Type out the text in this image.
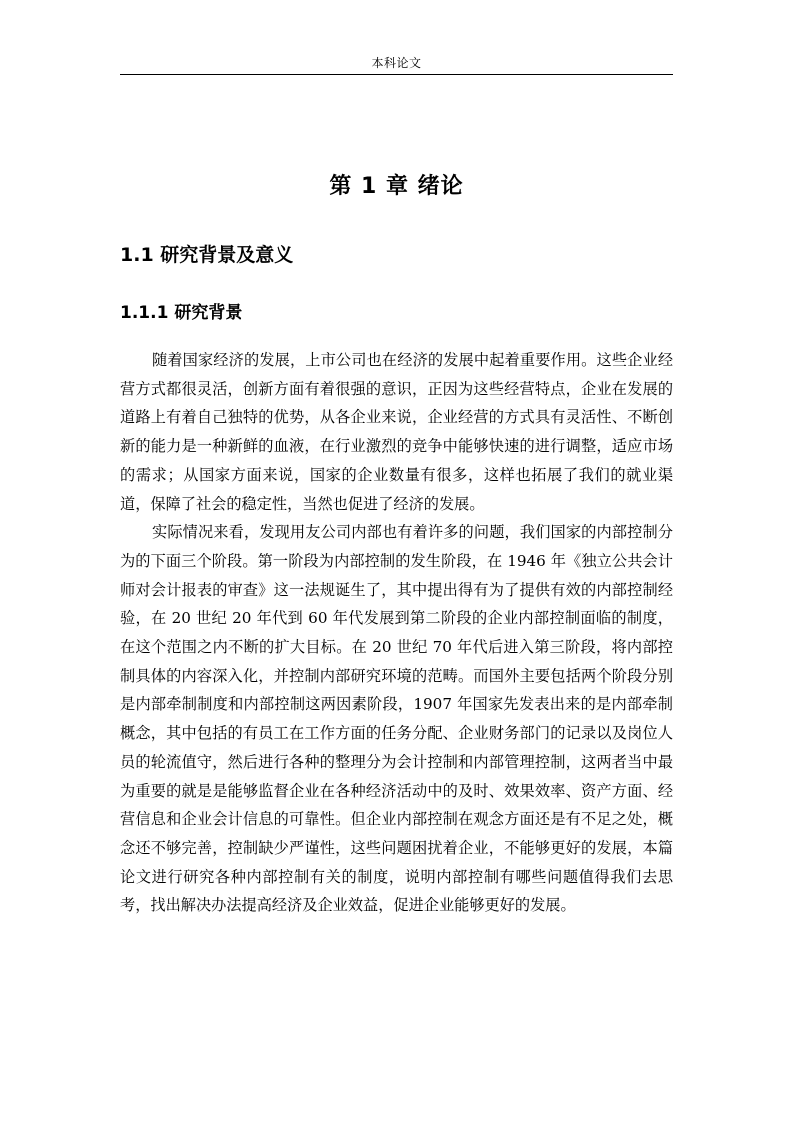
本科论文
第 1 章 绪论
1.1 研究背景及意义
1.1.1 研究背景

随着国家经济的发展，上市公司也在经济的发展中起着重要作用。这些企业经营方式都很灵活，创新方面有着很强的意识，正因为这些经营特点，企业在发展的道路上有着自己独特的优势，从各企业来说，企业经营的方式具有灵活性、不断创新的能力是一种新鲜的血液，在行业激烈的竞争中能够快速的进行调整，适应市场的需求；从国家方面来说，国家的企业数量有很多，这样也拓展了我们的就业渠道，保障了社会的稳定性，当然也促进了经济的发展。

实际情况来看，发现用友公司内部也有着许多的问题，我们国家的内部控制分为的下面三个阶段。第一阶段为内部控制的发生阶段，在 1946 年《独立公共会计师对会计报表的审查》这一法规诞生了，其中提出得有为了提供有效的内部控制经验，在 20 世纪 20 年代到 60 年代发展到第二阶段的企业内部控制面临的制度，在这个范围之内不断的扩大目标。在 20 世纪 70 年代后进入第三阶段，将内部控制具体的内容深入化，并控制内部研究环境的范畴。而国外主要包括两个阶段分别是内部牵制制度和内部控制这两因素阶段，1907 年国家先发表出来的是内部牵制概念，其中包括的有员工在工作方面的任务分配、企业财务部门的记录以及岗位人员的轮流值守，然后进行各种的整理分为会计控制和内部管理控制，这两者当中最为重要的就是是能够监督企业在各种经济活动中的及时、效果效率、资产方面、经营信息和企业会计信息的可靠性。但企业内部控制在观念方面还是有不足之处，概念还不够完善，控制缺少严谨性，这些问题困扰着企业，不能够更好的发展，本篇论文进行研究各种内部控制有关的制度，说明内部控制有哪些问题值得我们去思考，找出解决办法提高经济及企业效益，促进企业能够更好的发展。
